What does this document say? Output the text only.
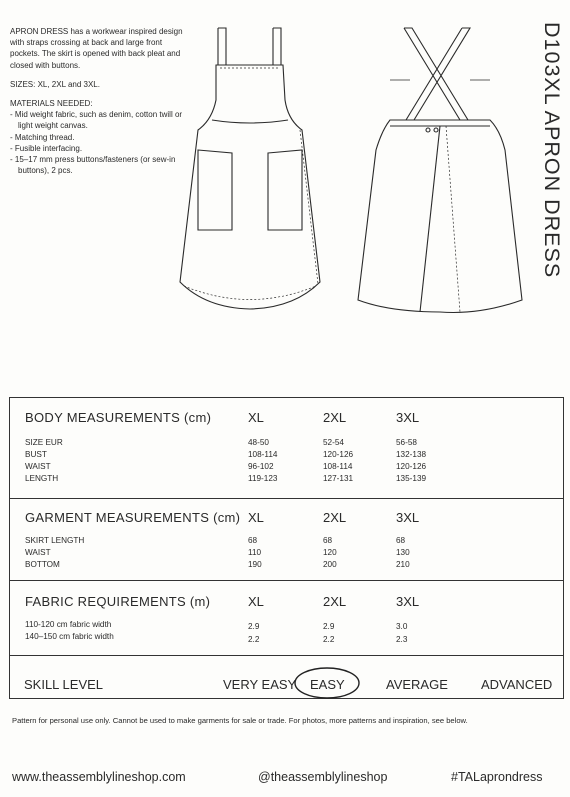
APRON DRESS has a workwear inspired design with straps crossing at back and large front pockets. The skirt is opened with back pleat and closed with buttons.

SIZES: XL, 2XL and 3XL.

MATERIALS NEEDED:
- Mid weight fabric, such as denim, cotton twill or light weight canvas.
- Matching thread.
- Fusible interfacing.
- 15–17 mm press buttons/fasteners (or sew-in buttons), 2 pcs.	D103XL APRON DRESS
BODY MEASUREMENTS (cm)	XL	2XL	3XL
SIZE EUR	48-50	52-54	56-58
BUST	108-114	120-126	132-138
WAIST	96-102	108-114	120-126
LENGTH	119-123	127-131	135-139
GARMENT MEASUREMENTS (cm) XL	2XL	3XL
SKIRT LENGTH	68	68	68
WAIST	110	120	130
BOTTOM	190	200	210
FABRIC REQUIREMENTS (m)	XL	2XL	3XL
110-120 cm fabric width	2.9	2.9	3.0
140–150 cm fabric width	2.2	2.2	2.3
SKILL LEVEL	VERY EASY EASY	AVERAGE	ADVANCED
Pattern for personal use only. Cannot be used to make garments for sale or trade. For photos, more patterns and inspiration, see below.
www.theassemblylineshop.com	@theassemblylineshop	#TALaprondress
